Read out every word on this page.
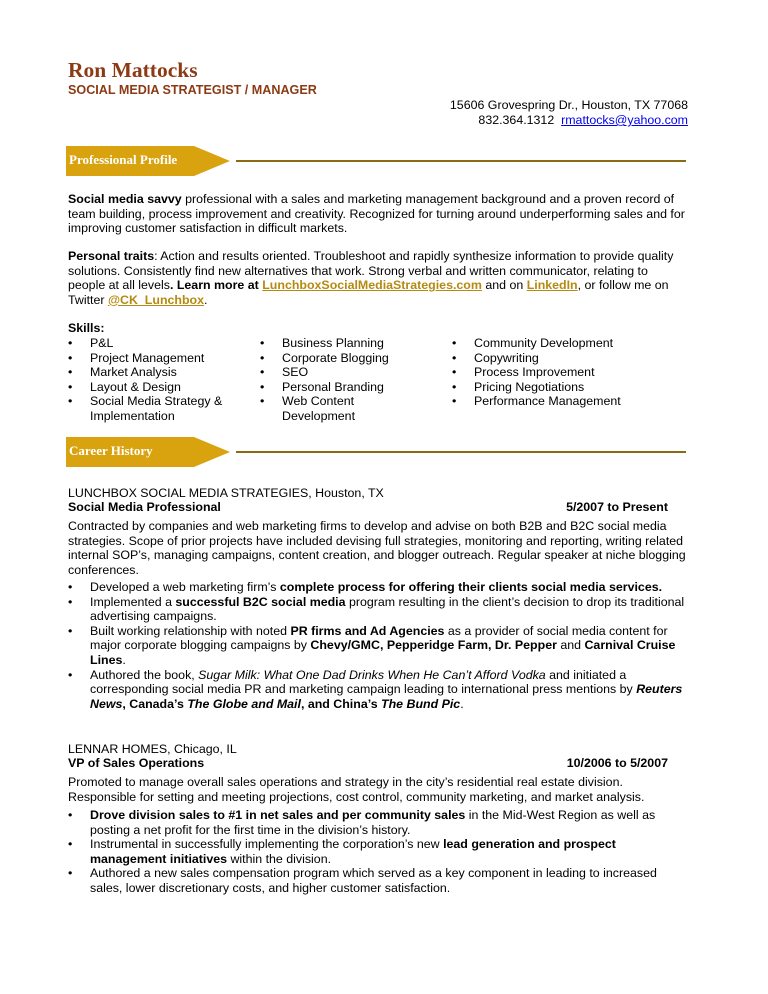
Ron Mattocks
SOCIAL MEDIA STRATEGIST / MANAGER
15606 Grovespring Dr., Houston, TX 77068
832.364.1312 rmattocks@yahoo.com
Professional Profile
Social media savvy professional with a sales and marketing management background and a proven record of team building, process improvement and creativity. Recognized for turning around underperforming sales and for improving customer satisfaction in difficult markets.
Personal traits: Action and results oriented. Troubleshoot and rapidly synthesize information to provide quality solutions. Consistently find new alternatives that work. Strong verbal and written communicator, relating to people at all levels. Learn more at LunchboxSocialMediaStrategies.com and on LinkedIn, or follow me on Twitter @CK_Lunchbox.
Skills:
• P&L
• Project Management
• Market Analysis
• Layout & Design
• Social Media Strategy & Implementation
• Business Planning
• Corporate Blogging
• SEO
• Personal Branding
• Web Content Development
• Community Development
• Copywriting
• Process Improvement
• Pricing Negotiations
• Performance Management
Career History
LUNCHBOX SOCIAL MEDIA STRATEGIES, Houston, TX
Social Media Professional	5/2007 to Present
Contracted by companies and web marketing firms to develop and advise on both B2B and B2C social media strategies. Scope of prior projects have included devising full strategies, monitoring and reporting, writing related internal SOP’s, managing campaigns, content creation, and blogger outreach. Regular speaker at niche blogging conferences.
• Developed a web marketing firm’s complete process for offering their clients social media services.
• Implemented a successful B2C social media program resulting in the client’s decision to drop its traditional advertising campaigns.
• Built working relationship with noted PR firms and Ad Agencies as a provider of social media content for major corporate blogging campaigns by Chevy/GMC, Pepperidge Farm, Dr. Pepper and Carnival Cruise Lines.
• Authored the book, Sugar Milk: What One Dad Drinks When He Can’t Afford Vodka and initiated a corresponding social media PR and marketing campaign leading to international press mentions by Reuters News, Canada’s The Globe and Mail, and China’s The Bund Pic.
LENNAR HOMES, Chicago, IL
VP of Sales Operations	10/2006 to 5/2007
Promoted to manage overall sales operations and strategy in the city’s residential real estate division. Responsible for setting and meeting projections, cost control, community marketing, and market analysis.
• Drove division sales to #1 in net sales and per community sales in the Mid-West Region as well as posting a net profit for the first time in the division’s history.
• Instrumental in successfully implementing the corporation’s new lead generation and prospect management initiatives within the division.
• Authored a new sales compensation program which served as a key component in leading to increased sales, lower discretionary costs, and higher customer satisfaction.
